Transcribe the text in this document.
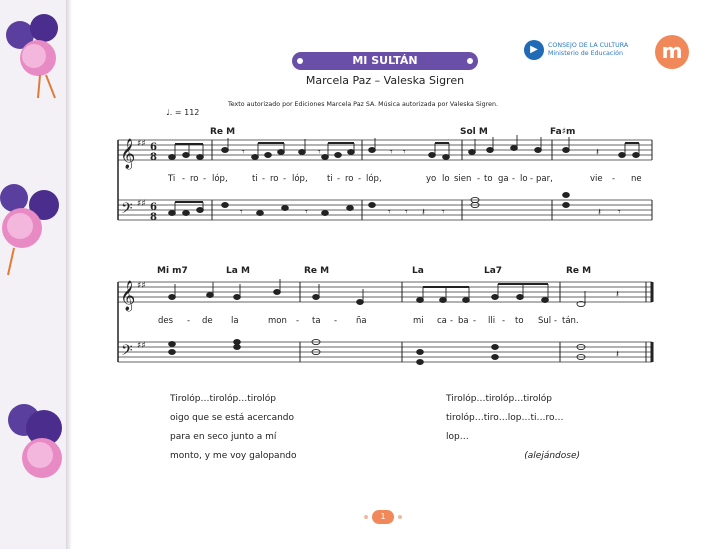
MI SULTÁN
Marcela Paz – Valeska Sigren
♩. = 112
Texto autorizado por Ediciones Marcela Paz SA. Música autorizada por Valeska Sigren.
▶	CONSEJO DE LA CULTURA
Ministerio de Educación	m
𝄞
𝄢
𝄞
𝄢
♯♯
♯♯
♯♯
♯♯
6
8
6
8
𝄾	𝄾	𝄾 𝄾	𝄽
𝄾	𝄾	𝄾 𝄾 𝄽 𝄾	𝄽 𝄾
𝄽
𝄽
Re M	Sol M	Fa♯m
Mi m7	La M	Re M	La	La7	Re M
Ti - ro - lóp,	ti - ro - lóp, ti - ro - lóp,	yo lo sien - to ga - lo - par,	vie - ne
des - de la	mon - ta - ña	mi ca - ba - lli - to Sul - tán.
Tirolóp…tirolóp…tirolóp
oigo que se está acercando
para en seco junto a mí
monto, y me voy galopando
Tirolóp…tirolóp…tirolóp
tirolóp…tiro…lop…ti…ro…lop…
(alejándose)
1
